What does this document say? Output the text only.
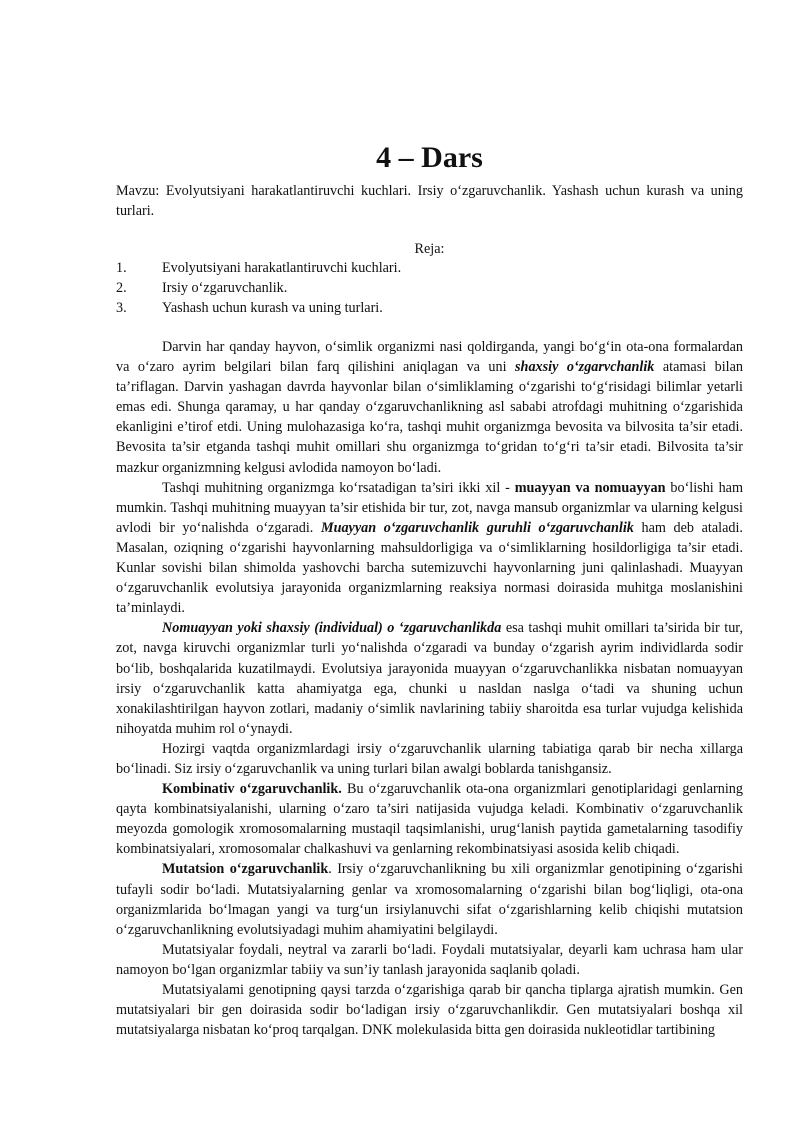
4 – Dars

Mavzu: Evolyutsiyani harakatlantiruvchi kuchlari. Irsiy o‘zgaruvchanlik. Yashash uchun kurash va uning turlari.

Reja:
1.	Evolyutsiyani harakatlantiruvchi kuchlari.
2.	Irsiy o‘zgaruvchanlik.
3.	Yashash uchun kurash va uning turlari.

Darvin har qanday hayvon, o‘simlik organizmi nasi qoldirganda, yangi bo‘g‘in ota-ona formalardan va o‘zaro ayrim belgilari bilan farq qilishini aniqlagan va uni shaxsiy o‘zgarvchanlik atamasi bilan ta’riflagan. Darvin yashagan davrda hayvonlar bilan o‘simliklaming o‘zgarishi to‘g‘risidagi bilimlar yetarli emas edi. Shunga qaramay, u har qanday o‘zgaruvchanlikning asl sababi atrofdagi muhitning o‘zgarishida ekanligini e’tirof etdi. Uning mulohazasiga ko‘ra, tashqi muhit organizmga bevosita va bilvosita ta’sir etadi. Bevosita ta’sir etganda tashqi muhit omillari shu organizmga to‘gridan to‘g‘ri ta’sir etadi. Bilvosita ta’sir mazkur organizmning kelgusi avlodida namoyon bo‘ladi.

Tashqi muhitning organizmga ko‘rsatadigan ta’siri ikki xil - muayyan va nomuayyan bo‘lishi ham mumkin. Tashqi muhitning muayyan ta’sir etishida bir tur, zot, navga mansub organizmlar va ularning kelgusi avlodi bir yo‘nalishda o‘zgaradi. Muayyan o‘zgaruvchanlik guruhli o‘zgaruvchanlik ham deb ataladi. Masalan, oziqning o‘zgarishi hayvonlarning mahsuldorligiga va o‘simliklarning hosildorligiga ta’sir etadi. Kunlar sovishi bilan shimolda yashovchi barcha sutemizuvchi hayvonlarning juni qalinlashadi. Muayyan o‘zgaruvchanlik evolutsiya jarayonida organizmlarning reaksiya normasi doirasida muhitga moslanishini ta’minlaydi.

Nomuayyan yoki shaxsiy (individual) o ‘zgaruvchanlikda esa tashqi muhit omillari ta’sirida bir tur, zot, navga kiruvchi organizmlar turli yo‘nalishda o‘zgaradi va bunday o‘zgarish ayrim individlarda sodir bo‘lib, boshqalarida kuzatilmaydi. Evolutsiya jarayonida muayyan o‘zgaruvchanlikka nisbatan nomuayyan irsiy o‘zgaruvchanlik katta ahamiyatga ega, chunki u nasldan naslga o‘tadi va shuning uchun xonakilashtirilgan hayvon zotlari, madaniy o‘simlik navlarining tabiiy sharoitda esa turlar vujudga kelishida nihoyatda muhim rol o‘ynaydi.

Hozirgi vaqtda organizmlardagi irsiy o‘zgaruvchanlik ularning tabiatiga qarab bir necha xillarga bo‘linadi. Siz irsiy o‘zgaruvchanlik va uning turlari bilan awalgi boblarda tanishgansiz.

Kombinativ o‘zgaruvchanlik. Bu o‘zgaruvchanlik ota-ona organizmlari genotiplaridagi genlarning qayta kombinatsiyalanishi, ularning o‘zaro ta’siri natijasida vujudga keladi. Kombinativ o‘zgaruvchanlik meyozda gomologik xromosomalarning mustaqil taqsimlanishi, urug‘lanish paytida gametalarning tasodifiy kombinatsiyalari, xromosomalar chalkashuvi va genlarning rekombinatsiyasi asosida kelib chiqadi.

Mutatsion o‘zgaruvchanlik. Irsiy o‘zgaruvchanlikning bu xili organizmlar genotipining o‘zgarishi tufayli sodir bo‘ladi. Mutatsiyalarning genlar va xromosomalarning o‘zgarishi bilan bog‘liqligi, ota-ona organizmlarida bo‘lmagan yangi va turg‘un irsiylanuvchi sifat o‘zgarishlarning kelib chiqishi mutatsion o‘zgaruvchanlikning evolutsiyadagi muhim ahamiyatini belgilaydi.

Mutatsiyalar foydali, neytral va zararli bo‘ladi. Foydali mutatsiyalar, deyarli kam uchrasa ham ular namoyon bo‘lgan organizmlar tabiiy va sun’iy tanlash jarayonida saqlanib qoladi.

Mutatsiyalami genotipning qaysi tarzda o‘zgarishiga qarab bir qancha tiplarga ajratish mumkin. Gen mutatsiyalari bir gen doirasida sodir bo‘ladigan irsiy o‘zgaruvchanlikdir. Gen mutatsiyalari boshqa xil mutatsiyalarga nisbatan ko‘proq tarqalgan. DNK molekulasida bitta gen doirasida nukleotidlar tartibining
